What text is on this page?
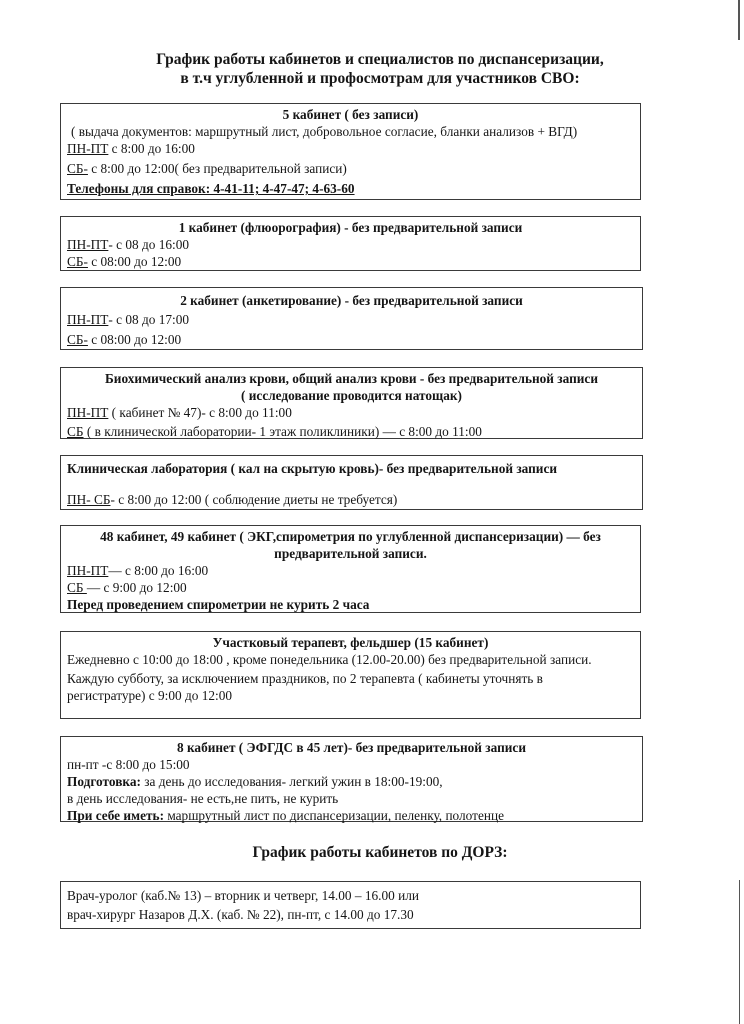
График работы кабинетов и специалистов по диспансеризации,
в т.ч углубленной и профосмотрам для участников СВО:
5 кабинет ( без записи)
( выдача документов: маршрутный лист, добровольное согласие, бланки анализов + ВГД)
ПН-ПТ с 8:00 до 16:00
СБ- с 8:00 до 12:00( без предварительной записи)
Телефоны для справок: 4-41-11; 4-47-47; 4-63-60
1 кабинет (флюорография) - без предварительной записи
ПН-ПТ- с 08 до 16:00
СБ- с 08:00 до 12:00
2 кабинет (анкетирование) - без предварительной записи
ПН-ПТ- с 08 до 17:00
СБ- с 08:00 до 12:00
Биохимический анализ крови, общий анализ крови - без предварительной записи
( исследование проводится натощак)
ПН-ПТ ( кабинет № 47)- с 8:00 до 11:00
СБ ( в клинической лаборатории- 1 этаж поликлиники) — с 8:00 до 11:00
Клиническая лаборатория ( кал на скрытую кровь)- без предварительной записи
ПН- СБ- с 8:00 до 12:00 ( соблюдение диеты не требуется)
48 кабинет, 49 кабинет ( ЭКГ,спирометрия по углубленной диспансеризации) — без
предварительной записи.
ПН-ПТ— с 8:00 до 16:00
СБ — с 9:00 до 12:00
Перед проведением спирометрии не курить 2 часа
Участковый терапевт, фельдшер (15 кабинет)
Ежедневно с 10:00 до 18:00 , кроме понедельника (12.00-20.00) без предварительной записи.
Каждую субботу, за исключением праздников, по 2 терапевта ( кабинеты уточнять в регистратуре) с 9:00 до 12:00
8 кабинет ( ЭФГДС в 45 лет)- без предварительной записи
пн-пт -с 8:00 до 15:00
Подготовка: за день до исследования- легкий ужин в 18:00-19:00,
в день исследования- не есть,не пить, не курить
При себе иметь: маршрутный лист по диспансеризации, пеленку, полотенце
График работы кабинетов по ДОРЗ:
Врач-уролог (каб.№ 13) – вторник и четверг, 14.00 – 16.00 или
врач-хирург Назаров Д.Х. (каб. № 22), пн-пт, с 14.00 до 17.30
